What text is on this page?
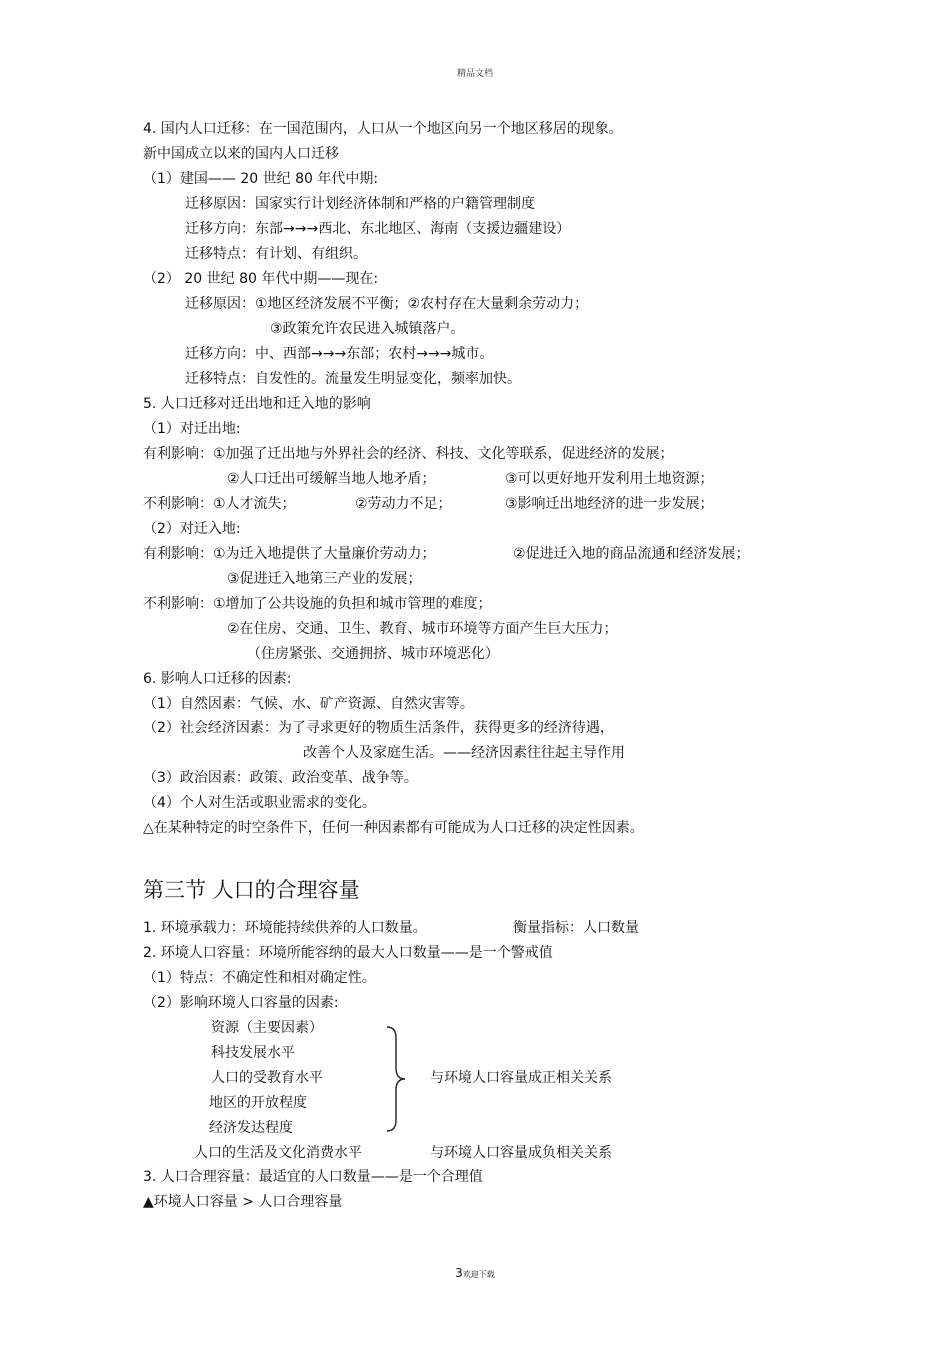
精品文档
4. 国内人口迁移：在一国范围内，人口从一个地区向另一个地区移居的现象。
新中国成立以来的国内人口迁移
（1）建国—— 20 世纪 80 年代中期:
迁移原因：国家实行计划经济体制和严格的户籍管理制度
迁移方向：东部→→→西北、东北地区、海南（支援边疆建设）
迁移特点：有计划、有组织。
（2） 20 世纪 80 年代中期——现在:
迁移原因：①地区经济发展不平衡；②农村存在大量剩余劳动力；
③政策允许农民进入城镇落户。
迁移方向：中、西部→→→东部；农村→→→城市。
迁移特点：自发性的。流量发生明显变化，频率加快。
5. 人口迁移对迁出地和迁入地的影响
（1）对迁出地:
有利影响：①加强了迁出地与外界社会的经济、科技、文化等联系，促进经济的发展；
②人口迁出可缓解当地人地矛盾；	③可以更好地开发利用土地资源；
不利影响：①人才流失；	②劳动力不足；	③影响迁出地经济的进一步发展；
（2）对迁入地:
有利影响：①为迁入地提供了大量廉价劳动力；	②促进迁入地的商品流通和经济发展；
③促进迁入地第三产业的发展；
不利影响：①增加了公共设施的负担和城市管理的难度；
②在住房、交通、卫生、教育、城市环境等方面产生巨大压力；
（住房紧张、交通拥挤、城市环境恶化）
6. 影响人口迁移的因素:
（1）自然因素：气候、水、矿产资源、自然灾害等。
（2）社会经济因素：为了寻求更好的物质生活条件，获得更多的经济待遇，
改善个人及家庭生活。——经济因素往往起主导作用
（3）政治因素：政策、政治变革、战争等。
（4）个人对生活或职业需求的变化。
△在某种特定的时空条件下，任何一种因素都有可能成为人口迁移的决定性因素。
第三节 人口的合理容量
1. 环境承载力：环境能持续供养的人口数量。	衡量指标：人口数量
2. 环境人口容量：环境所能容纳的最大人口数量——是一个警戒值
（1）特点：不确定性和相对确定性。
（2）影响环境人口容量的因素:
资源（主要因素）
科技发展水平
人口的受教育水平	与环境人口容量成正相关关系
地区的开放程度
经济发达程度
人口的生活及文化消费水平	与环境人口容量成负相关关系
3. 人口合理容量：最适宜的人口数量——是一个合理值
▲环境人口容量 > 人口合理容量
3欢迎下载
